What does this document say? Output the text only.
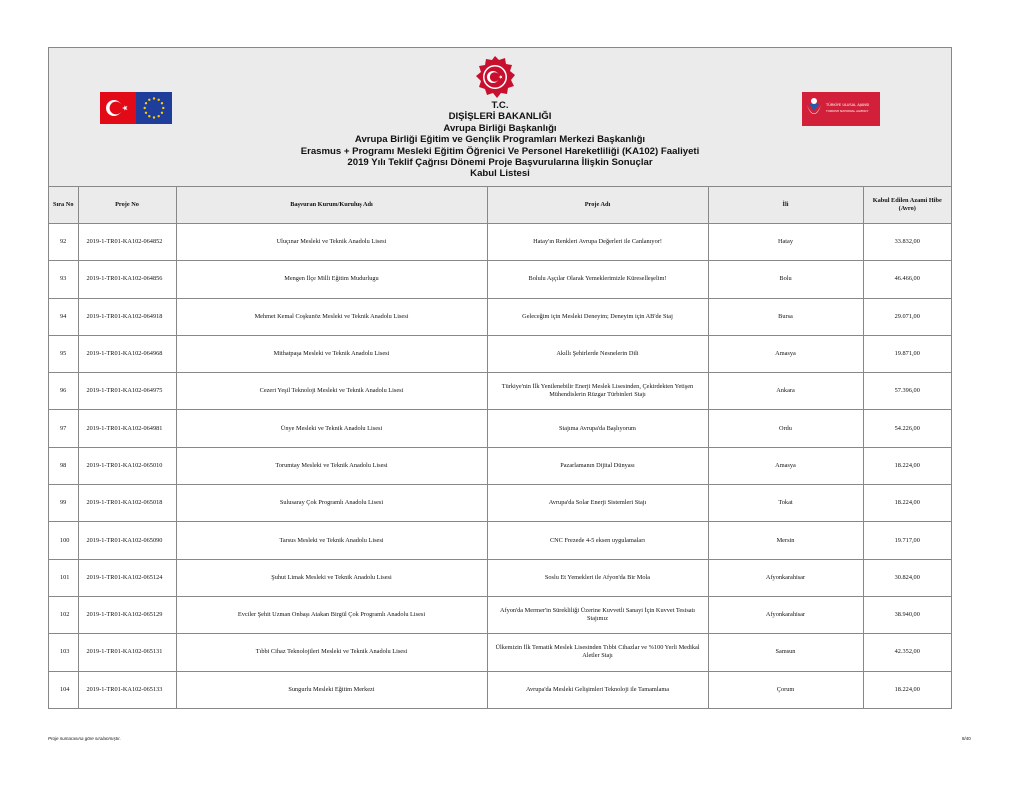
T.C.
DIŞİŞLERİ BAKANLIĞI
Avrupa Birliği Başkanlığı
Avrupa Birliği Eğitim ve Gençlik Programları Merkezi Başkanlığı
Erasmus + Programı Mesleki Eğitim Öğrenici Ve Personel Hareketliliği (KA102) Faaliyeti
2019 Yılı Teklif Çağrısı Dönemi Proje Başvurularına İlişkin Sonuçlar
Kabul Listesi
TÜRKİYE ULUSAL AJANSI
TURKISH NATIONAL AGENCY
Sıra No	Proje No	Başvuran Kurum/Kuruluş Adı	Proje Adı	İli	Kabul Edilen Azami Hibe (Avro)
92	2019-1-TR01-KA102-064852	Uluçınar Mesleki ve Teknik Anadolu Lisesi	Hatay'ın Renkleri Avrupa Değerleri ile Canlanıyor!	Hatay	33.832,00
93	2019-1-TR01-KA102-064856	Mengen İlçe Milli Eğitim Mudurlugu	Bolulu Aşçılar Olarak Yemeklerimizle Küreselleşelim!	Bolu	46.466,00
94	2019-1-TR01-KA102-064918	Mehmet Kemal Coşkunöz Mesleki ve Teknik Anadolu Lisesi	Geleceğim için Mesleki Deneyim; Deneyim için AB'de Staj	Bursa	29.071,00
95	2019-1-TR01-KA102-064968	Mithatpaşa Mesleki ve Teknik Anadolu Lisesi	Akıllı Şehirlerde Nesnelerin Dili	Amasya	19.871,00
96	2019-1-TR01-KA102-064975	Cezeri Yeşil Teknoloji Mesleki ve Teknik Anadolu Lisesi	Türkiye'nin İlk Yenilenebilir Enerji Meslek Lisesinden, Çekirdekten Yetişen Mühendislerin Rüzgar Türbinleri Stajı	Ankara	57.396,00
97	2019-1-TR01-KA102-064981	Ünye Mesleki ve Teknik Anadolu Lisesi	Stajıma Avrupa'da Başlıyorum	Ordu	54.226,00
98	2019-1-TR01-KA102-065010	Torumtay Mesleki ve Teknik Anadolu Lisesi	Pazarlamanın Dijital Dünyası	Amasya	18.224,00
99	2019-1-TR01-KA102-065018	Sulusaray Çok Programlı Anadolu Lisesi	Avrupa'da Solar Enerji Sistemleri Stajı	Tokat	18.224,00
100	2019-1-TR01-KA102-065090	Tarsus Mesleki ve Teknik Anadolu Lisesi	CNC Frezede 4-5 eksen uygulamaları	Mersin	19.717,00
101	2019-1-TR01-KA102-065124	Şuhut Limak Mesleki ve Teknik Anadolu Lisesi	Soslu Et Yemekleri ile Afyon'da Bir Mola	Afyonkarahisar	30.824,00
102	2019-1-TR01-KA102-065129	Evciler Şehit Uzman Onbaşı Atakan Birgül Çok Programlı Anadolu Lisesi	Afyon'da Mermer'in Sürekliliği Üzerine Kuvvetli Sanayi İçin Kuvvet Tesisatı Stajımız	Afyonkarahisar	38.940,00
103	2019-1-TR01-KA102-065131	Tıbbi Cihaz Teknolojileri Mesleki ve Teknik Anadolu Lisesi	Ülkemizin İlk Tematik Meslek Lisesinden Tıbbi Cihazlar ve %100 Yerli Medikal Aletler Stajı	Samsun	42.352,00
104	2019-1-TR01-KA102-065133	Sungurlu Mesleki Eğitim Merkezi	Avrupa'da Mesleki Gelişimleri Teknoloji ile Tamamlama	Çorum	18.224,00
Proje numarasına göre sıralanmıştır.	8/40
